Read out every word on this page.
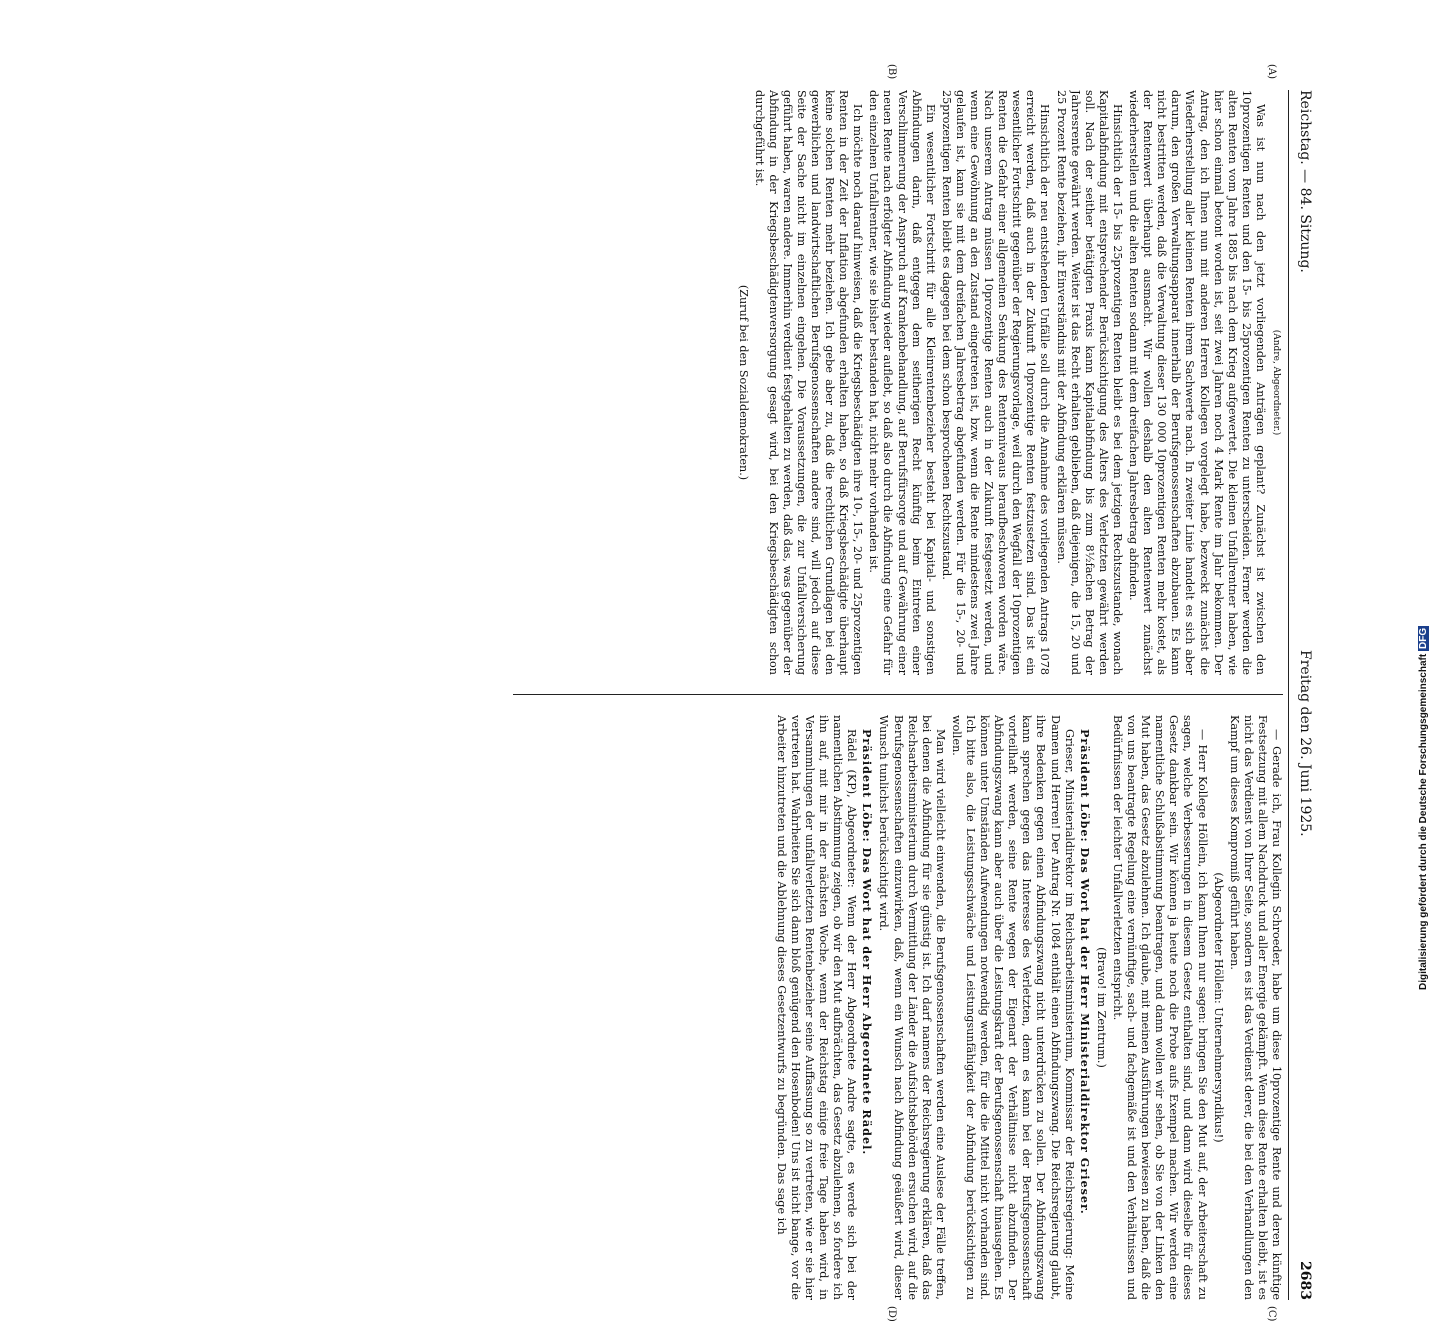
Reichstag. — 84. Sitzung.
Freitag den 26. Juni 1925.
2683

(Andre, Abgeordneter.)

Was ist nun nach den jetzt vorliegenden Anträgen geplant? Zunächst ist zwischen den 10prozentigen Renten und den 15- bis 25prozentigen Renten zu unterscheiden. Ferner werden die alten Renten vom Jahre 1885 bis nach dem Krieg aufgewertet. Die kleinen Unfallrentner haben, wie hier schon einmal betont worden ist, seit zwei Jahren noch 4 Mark Rente im Jahr bekommen. Der Antrag, den ich Ihnen nun mit anderen Herren Kollegen vorgelegt habe, bezweckt zunächst die Wiederherstellung aller kleinen Renten ihrem Sachwerte nach. In zweiter Linie handelt es sich aber darum, den großen Verwaltungsapparat innerhalb der Berufsgenossenschaften abzubauen. Es kann nicht bestritten werden, daß die Verwaltung dieser 130 000 10prozentigen Renten mehr kostet, als der Rentenwert überhaupt ausmacht. Wir wollen deshalb den alten Rentenwert zunächst wiederherstellen und die alten Renten sodann mit dem dreifachen Jahresbetrag abfinden.

Hinsichtlich der 15- bis 25prozentigen Renten bleibt es bei dem jetzigen Rechtszustande, wonach Kapitalabfindung mit entsprechender Berücksichtigung des Alters des Verletzten gewährt werden soll. Nach der seither betätigten Praxis kann Kapitalabfindung bis zum 8½fachen Betrag der Jahresrente gewährt werden. Weiter ist das Recht erhalten geblieben, daß diejenigen, die 15, 20 und 25 Prozent Rente beziehen, ihr Einverständnis mit der Abfindung erklären müssen.

Hinsichtlich der neu entstehenden Unfälle soll durch die Annahme des vorliegenden Antrags 1078 erreicht werden, daß auch in der Zukunft 10prozentige Renten festzusetzen sind. Das ist ein wesentlicher Fortschritt gegenüber der Regierungsvorlage, weil durch den Wegfall der 10prozentigen Renten die Gefahr einer allgemeinen Senkung des Rentenniveaus heraufbeschworen worden wäre. Nach unserem Antrag müssen 10prozentige Renten auch in der Zukunft festgesetzt werden, und wenn eine Gewöhnung an den Zustand eingetreten ist, bzw. wenn die Rente mindestens zwei Jahre gelaufen ist, kann sie mit dem dreifachen Jahresbetrag abgefunden werden. Für die 15-, 20- und 25prozentigen Renten bleibt es dagegen bei dem schon besprochenen Rechtszustand.

Ein wesentlicher Fortschritt für alle Kleinrentenbezieher besteht bei Kapital- und sonstigen Abfindungen darin, daß entgegen dem seitherigen Recht künftig beim Eintreten einer Verschlimmerung der Anspruch auf Krankenbehandlung, auf Berufsfürsorge und auf Gewährung einer neuen Rente nach erfolgter Abfindung wieder auflebt, so daß also durch die Abfindung eine Gefahr für den einzelnen Unfallrentner, wie sie bisher bestanden hat, nicht mehr vorhanden ist.

Ich möchte noch darauf hinweisen, daß die Kriegsbeschädigten ihre 10-, 15-, 20- und 25prozentigen Renten in der Zeit der Inflation abgefunden erhalten haben, so daß Kriegsbeschädigte überhaupt keine solchen Renten mehr beziehen. Ich gebe aber zu, daß die rechtlichen Grundlagen bei den gewerblichen und landwirtschaftlichen Berufsgenossenschaften andere sind, will jedoch auf diese Seite der Sache nicht im einzelnen eingehen. Die Voraussetzungen, die zur Unfallversicherung geführt haben, waren andere. Immerhin verdient festgehalten zu werden, daß das, was gegenüber der Abfindung in der Kriegsbeschädigtenversorgung gesagt wird, bei den Kriegsbeschädigten schon durchgeführt ist.

(Zuruf bei den Sozialdemokraten.)

— Gerade ich, Frau Kollegin Schroeder, habe um diese 10prozentige Rente und deren künftige Festsetzung mit allem Nachdruck und aller Energie gekämpft. Wenn diese Rente erhalten bleibt, ist es nicht das Verdienst von Ihrer Seite, sondern es ist das Verdienst derer, die bei den Verhandlungen den Kampf um dieses Kompromiß geführt haben.

(Abgeordneter Höllein: Unternehmersyndikus!)

— Herr Kollege Höllein, ich kann Ihnen nur sagen: bringen Sie den Mut auf, der Arbeiterschaft zu sagen, welche Verbesserungen in diesem Gesetz enthalten sind, und dann wird dieselbe für dieses Gesetz dankbar sein. Wir können ja heute noch die Probe aufs Exempel machen. Wir werden eine namentliche Schlußabstimmung beantragen, und dann wollen wir sehen, ob Sie von der Linken den Mut haben, das Gesetz abzulehnen. Ich glaube, mit meinen Ausführungen bewiesen zu haben, daß die von uns beantragte Regelung eine vernünftige, sach- und fachgemäße ist und den Verhältnissen und Bedürfnissen der leichter Unfallverletzten entspricht.

(Bravo! im Zentrum.)

Präsident Löbe: Das Wort hat der Herr Ministerialdirektor Grieser.

Grieser, Ministerialdirektor im Reichsarbeitsministerium, Kommissar der Reichsregierung: Meine Damen und Herren! Der Antrag Nr. 1084 enthält einen Abfindungszwang. Die Reichsregierung glaubt, ihre Bedenken gegen einen Abfindungszwang nicht unterdrücken zu sollen. Der Abfindungszwang kann sprechen gegen das Interesse des Verletzten, denn es kann bei der Berufsgenossenschaft vorteilhaft werden, seine Rente wegen der Eigenart der Verhältnisse nicht abzufinden. Der Abfindungszwang kann aber auch über die Leistungskraft der Berufsgenossenschaft hinausgehen. Es können unter Umständen Aufwendungen notwendig werden, für die die Mittel nicht vorhanden sind. Ich bitte also, die Leistungsschwäche und Leistungsunfähigkeit der Abfindung berücksichtigen zu wollen.

Man wird vielleicht einwenden, die Berufsgenossenschaften werden eine Auslese der Fälle treffen, bei denen die Abfindung für sie günstig ist. Ich darf namens der Reichsregierung erklären, daß das Reichsarbeitsministerium durch Vermittlung der Länder die Aufsichtsbehörden ersuchen wird, auf die Berufsgenossenschaften einzuwirken, daß, wenn ein Wunsch nach Abfindung geäußert wird, dieser Wunsch tunlichst berücksichtigt wird.

Präsident Löbe: Das Wort hat der Herr Abgeordnete Rädel.

Rädel (KP), Abgeordneter: Wenn der Herr Abgeordnete Andre sagte, es werde sich bei der namentlichen Abstimmung zeigen, ob wir den Mut aufbrächten, das Gesetz abzulehnen, so fordere ich ihn auf, mit mir in der nächsten Woche, wenn der Reichstag einige freie Tage haben wird, in Versammlungen der unfallverletzten Rentenbezieher seine Auffassung so zu vertreten, wie er sie hier vertreten hat. Wahrheiten Sie sich dann bloß genügend den Hosenboden! Uns ist nicht bange, vor die Arbeiter hinzutreten und die Ablehnung dieses Gesetzentwurfs zu begründen. Das sage ich

(A)
(B)
(C)
(D)
Digitalisierung gefördert durch die Deutsche Forschungsgemeinschaft DFG
